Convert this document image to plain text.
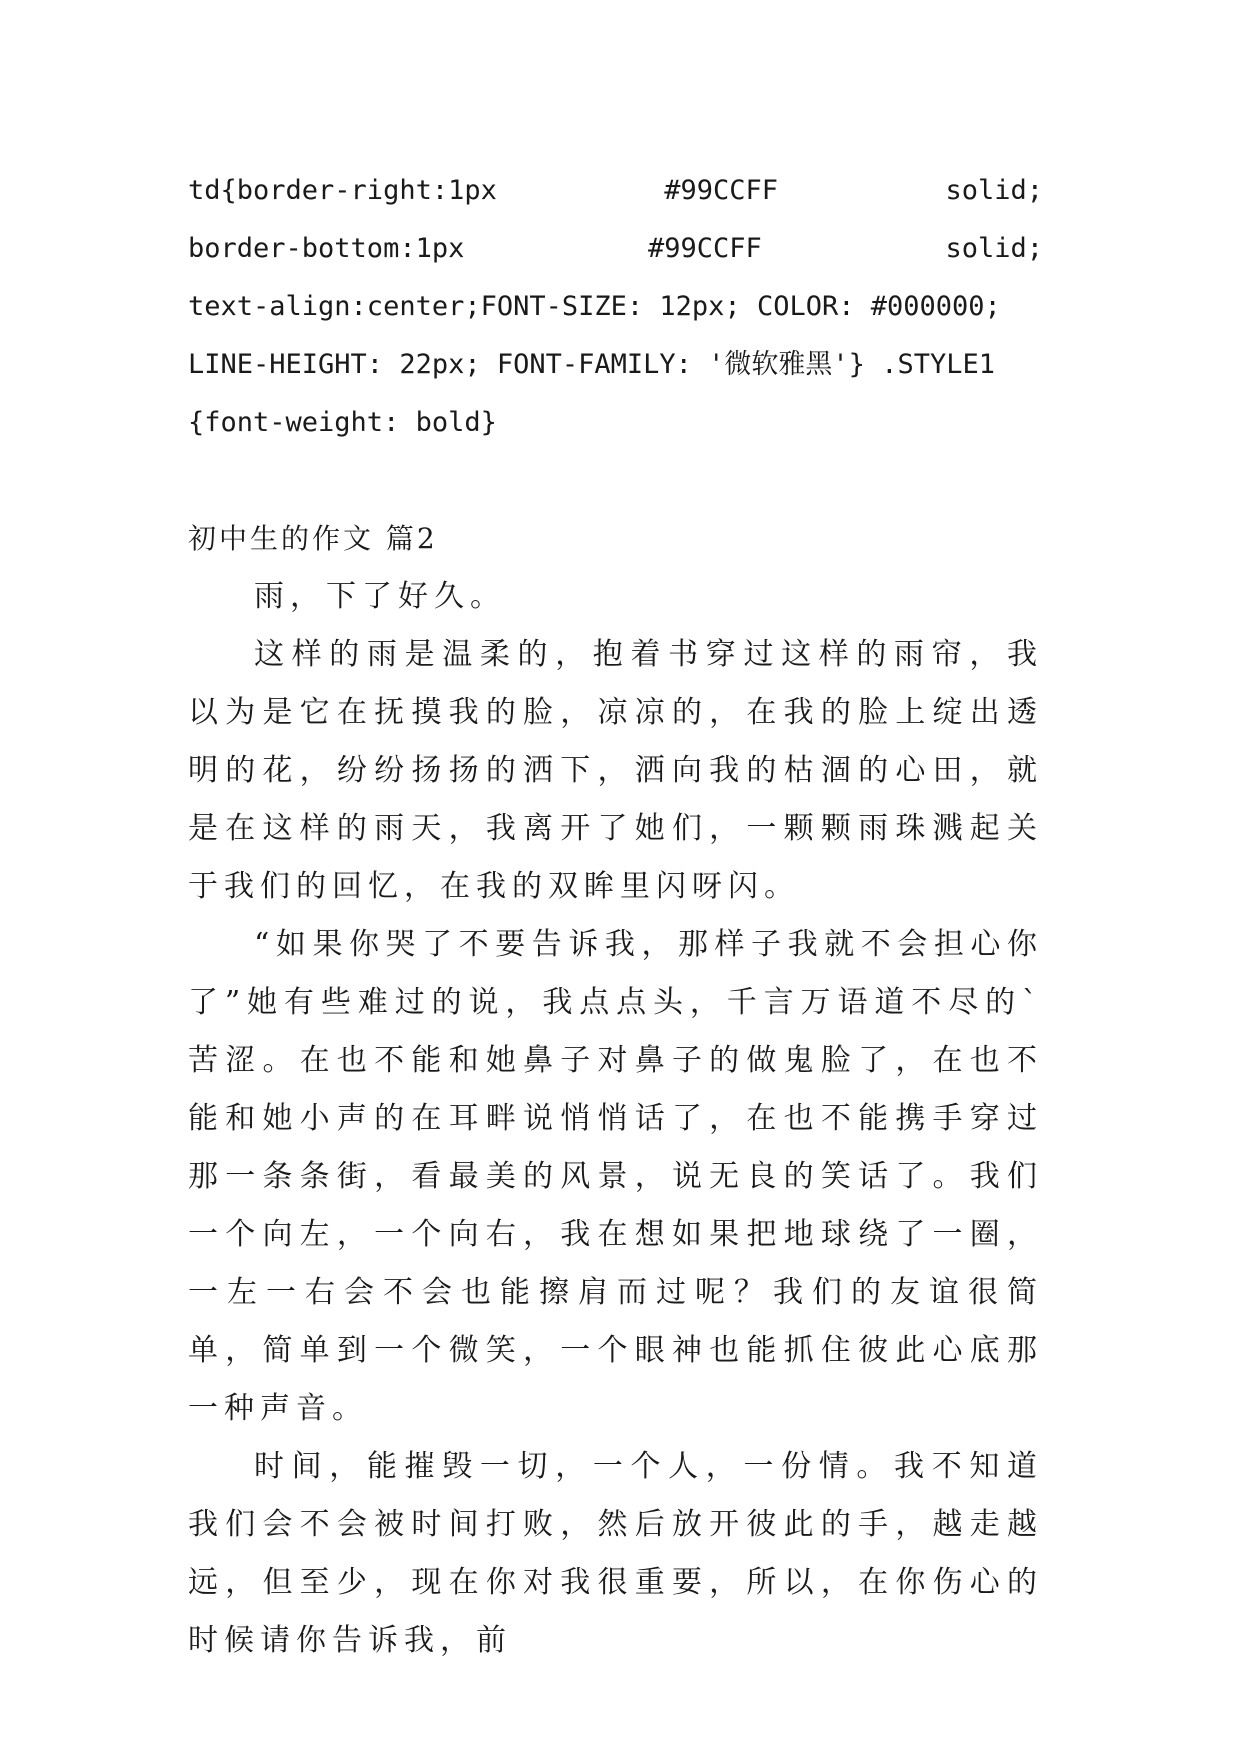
td{border-right:1px	#99CCFF	solid;
border-bottom:1px	#99CCFF	solid;
text-align:center;FONT-SIZE: 12px; COLOR: #000000;
LINE-HEIGHT: 22px; FONT-FAMILY: '微软雅黑'} .STYLE1
{font-weight: bold}
初中生的作文 篇2

雨，下了好久。

这样的雨是温柔的，抱着书穿过这样的雨帘，我以为是它在抚摸我的脸，凉凉的，在我的脸上绽出透明的花，纷纷扬扬的洒下，洒向我的枯涸的心田，就是在这样的雨天，我离开了她们，一颗颗雨珠溅起关于我们的回忆，在我的双眸里闪呀闪。

“如果你哭了不要告诉我，那样子我就不会担心你了”她有些难过的说，我点点头，千言万语道不尽的`苦涩。在也不能和她鼻子对鼻子的做鬼脸了，在也不能和她小声的在耳畔说悄悄话了，在也不能携手穿过那一条条街，看最美的风景，说无良的笑话了。我们一个向左，一个向右，我在想如果把地球绕了一圈，一左一右会不会也能擦肩而过呢？我们的友谊很简单，简单到一个微笑，一个眼神也能抓住彼此心底那一种声音。

时间，能摧毁一切，一个人，一份情。我不知道我们会不会被时间打败，然后放开彼此的手，越走越远，但至少，现在你对我很重要，所以，在你伤心的时候请你告诉我，前
